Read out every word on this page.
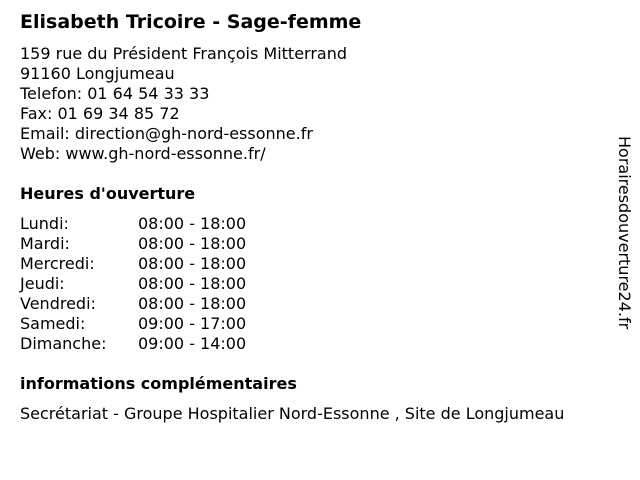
Elisabeth Tricoire - Sage-femme
159 rue du Président François Mitterrand
91160 Longjumeau
Telefon: 01 64 54 33 33
Fax: 01 69 34 85 72
Email: direction@gh-nord-essonne.fr
Web: www.gh-nord-essonne.fr/
Heures d'ouverture
Lundi:	08:00 - 18:00
Mardi:	08:00 - 18:00
Mercredi:	08:00 - 18:00
Jeudi:	08:00 - 18:00
Vendredi:	08:00 - 18:00
Samedi:	09:00 - 17:00
Dimanche: 09:00 - 14:00
informations complémentaires
Secrétariat - Groupe Hospitalier Nord-Essonne , Site de Longjumeau
Horairesdouverture24.fr
